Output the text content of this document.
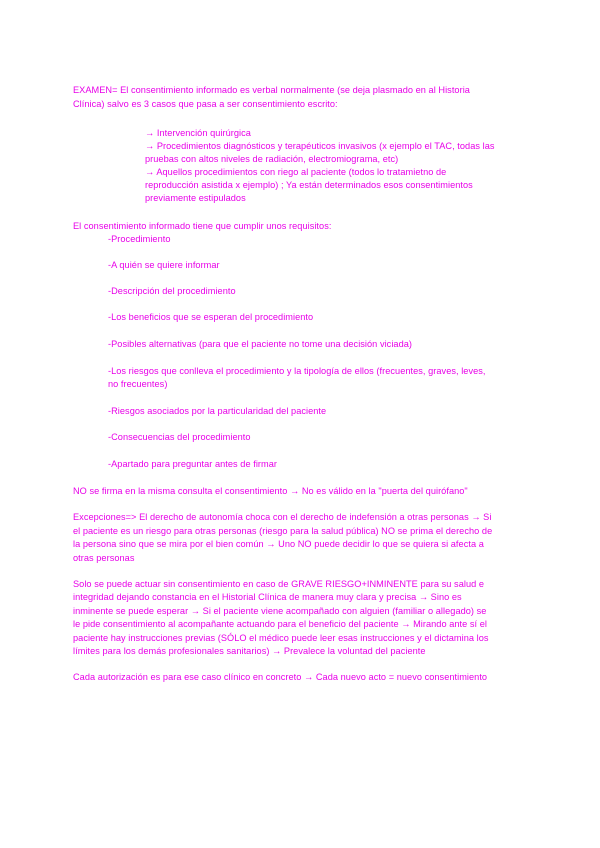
EXAMEN= El consentimiento informado es verbal normalmente (se deja plasmado en al Historia
Clínica) salvo es 3 casos que pasa a ser consentimiento escrito:
→ Intervención quirúrgica
→ Procedimientos diagnósticos y terapéuticos invasivos (x ejemplo el TAC, todas las
pruebas con altos niveles de radiación, electromiograma, etc)
→ Aquellos procedimientos con riego al paciente (todos lo tratamietno de
reproducción asistida x ejemplo) ; Ya están determinados esos consentimientos
previamente estipulados
El consentimiento informado tiene que cumplir unos requisitos:
-Procedimiento
-A quién se quiere informar
-Descripción del procedimiento
-Los beneficios que se esperan del procedimiento
-Posibles alternativas (para que el paciente no tome una decisión viciada)
-Los riesgos que conlleva el procedimiento y la tipología de ellos (frecuentes, graves, leves,
no frecuentes)
-Riesgos asociados por la particularidad del paciente
-Consecuencias del procedimiento
-Apartado para preguntar antes de firmar
NO se firma en la misma consulta el consentimiento → No es válido en la "puerta del quirófano"
Excepciones=> El derecho de autonomía choca con el derecho de indefensión a otras personas → Si
el paciente es un riesgo para otras personas (riesgo para la salud pública) NO se prima el derecho de
la persona sino que se mira por el bien común → Uno NO puede decidir lo que se quiera si afecta a
otras personas
Solo se puede actuar sin consentimiento en caso de GRAVE RIESGO+INMINENTE para su salud e
integridad dejando constancia en el Historial Clínica de manera muy clara y precisa → Sino es
inminente se puede esperar → Si el paciente viene acompañado con alguien (familiar o allegado) se
le pide consentimiento al acompañante actuando para el beneficio del paciente → Mirando ante sí el
paciente hay instrucciones previas (SÓLO el médico puede leer esas instrucciones y el dictamina los
límites para los demás profesionales sanitarios) → Prevalece la voluntad del paciente
Cada autorización es para ese caso clínico en concreto → Cada nuevo acto = nuevo consentimiento
